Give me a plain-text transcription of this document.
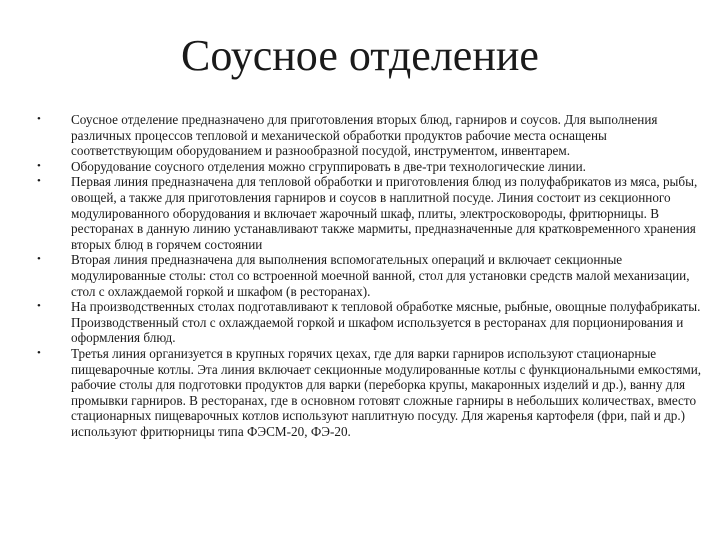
Соусное отделение
• Соусное отделение предназначено для приготовления вторых блюд, гарниров и соусов. Для выполнения различных процессов тепловой и механической обработки продуктов рабочие места оснащены соответствующим оборудованием и разнообразной посудой, инструментом, инвентарем.
• Оборудование соусного отделения можно сгруппировать в две-три технологические линии.
• Первая линия предназначена для тепловой обработки и приготовления блюд из полуфабрикатов из мяса, рыбы, овощей, а также для приготовления гарниров и соусов в наплитной посуде. Линия состоит из секционного модулированного оборудования и включает жарочный шкаф, плиты, электросковороды, фритюрницы. В ресторанах в данную линию устанавливают также мармиты, предназначенные для кратковременного хранения вторых блюд в горячем состоянии
• Вторая линия предназначена для выполнения вспомогательных операций и включает секционные модулированные столы: стол со встроенной моечной ванной, стол для установки средств малой механизации, стол с охлаждаемой горкой и шкафом (в ресторанах).
• На производственных столах подготавливают к тепловой обработке мясные, рыбные, овощные полуфабрикаты. Производственный стол с охлаждаемой горкой и шкафом используется в ресторанах для порционирования и оформления блюд.
• Третья линия организуется в крупных горячих цехах, где для варки гарниров используют стационарные пищеварочные котлы. Эта линия включает секционные модулированные котлы с функциональными емкостями, рабочие столы для подготовки продуктов для варки (переборка крупы, макаронных изделий и др.), ванну для промывки гарниров. В ресторанах, где в основном готовят сложные гарниры в небольших количествах, вместо стационарных пищеварочных котлов используют наплитную посуду. Для жаренья картофеля (фри, пай и др.) используют фритюрницы типа ФЭСМ-20, ФЭ-20.
